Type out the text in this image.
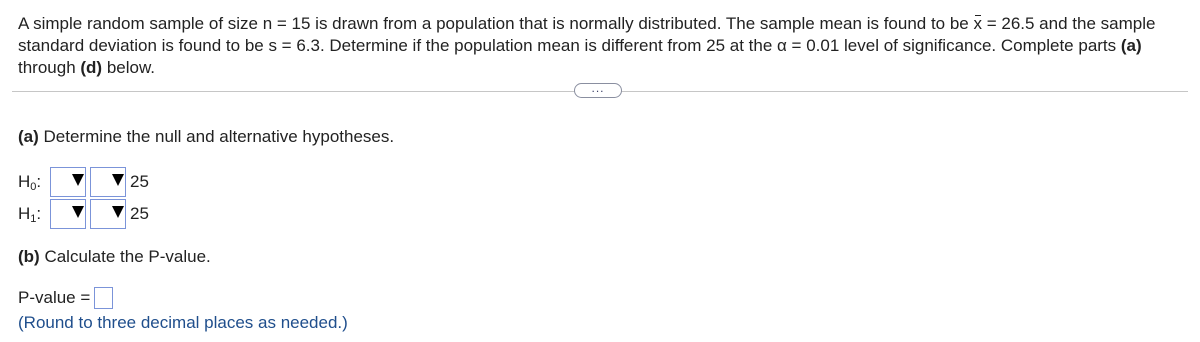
A simple random sample of size n = 15 is drawn from a population that is normally distributed. The sample mean is found to be x = 26.5 and the sample standard deviation is found to be s = 6.3. Determine if the population mean is different from 25 at the α = 0.01 level of significance. Complete parts (a) through (d) below.
...
(a) Determine the null and alternative hypotheses.
$H_0$:	25
$H_1$:	25
(b) Calculate the P-value.
P-value =
(Round to three decimal places as needed.)
